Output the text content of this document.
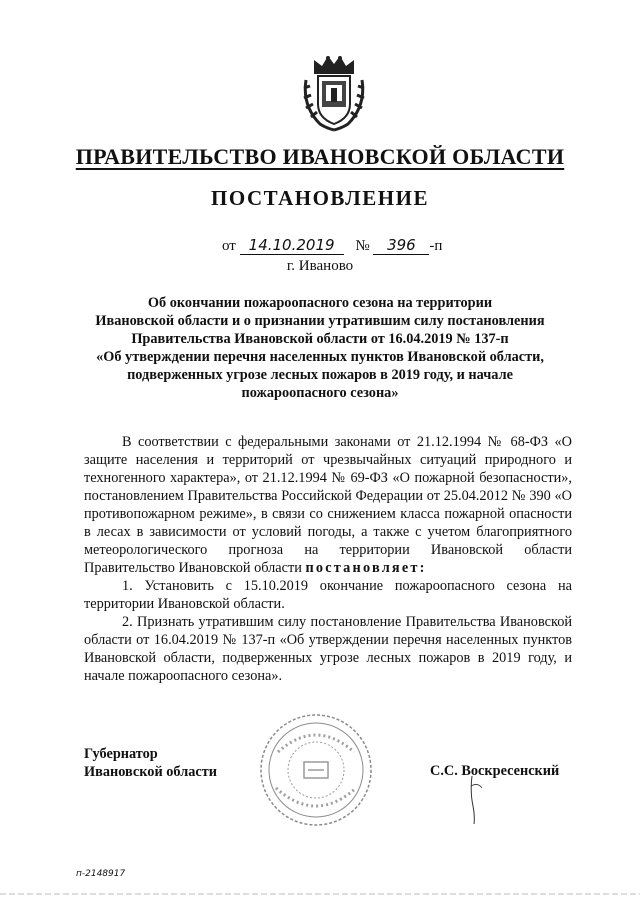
ПРАВИТЕЛЬСТВО ИВАНОВСКОЙ ОБЛАСТИ
ПОСТАНОВЛЕНИЕ
от 14.10.2019 № 396 -п
г. Иваново
Об окончании пожароопасного сезона на территории
Ивановской области и о признании утратившим силу постановления
Правительства Ивановской области от 16.04.2019 № 137-п
«Об утверждении перечня населенных пунктов Ивановской области,
подверженных угрозе лесных пожаров в 2019 году, и начале
пожароопасного сезона»

В соответствии с федеральными законами от 21.12.1994 № 68-ФЗ «О защите населения и территорий от чрезвычайных ситуаций природного и техногенного характера», от 21.12.1994 № 69-ФЗ «О пожарной безопасности», постановлением Правительства Российской Федерации от 25.04.2012 № 390 «О противопожарном режиме», в связи со снижением класса пожарной опасности в лесах в зависимости от условий погоды, а также с учетом благоприятного метеорологического прогноза на территории Ивановской области Правительство Ивановской области постановляет:

1. Установить с 15.10.2019 окончание пожароопасного сезона на территории Ивановской области.

2. Признать утратившим силу постановление Правительства Ивановской области от 16.04.2019 № 137-п «Об утверждении перечня населенных пунктов Ивановской области, подверженных угрозе лесных пожаров в 2019 году, и начале пожароопасного сезона».

Губернатор
Ивановской области	С.С. Воскресенский
п-2148917
